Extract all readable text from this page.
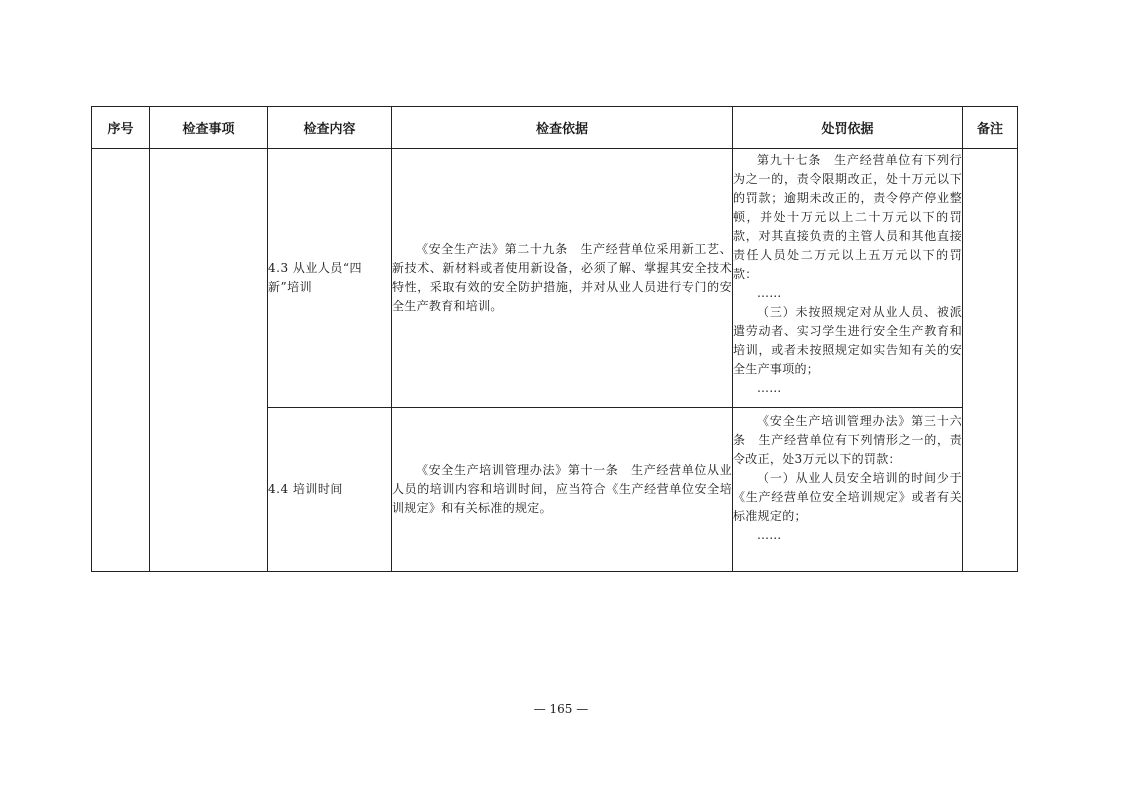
序号	检查事项	检查内容	检查依据	处罚依据	备注
		4.3 从业人员“四新”培训	《安全生产法》第二十九条　生产经营单位采用新工艺、新技术、新材料或者使用新设备，必须了解、掌握其安全技术特性，采取有效的安全防护措施，并对从业人员进行专门的安全生产教育和培训。	第九十七条　生产经营单位有下列行为之一的，责令限期改正，处十万元以下的罚款；逾期未改正的，责令停产停业整顿，并处十万元以上二十万元以下的罚款，对其直接负责的主管人员和其他直接责任人员处二万元以上五万元以下的罚款：

……

（三）未按照规定对从业人员、被派遣劳动者、实习学生进行安全生产教育和培训，或者未按照规定如实告知有关的安全生产事项的；

……	

		4.4 培训时间	《安全生产培训管理办法》第十一条　生产经营单位从业人员的培训内容和培训时间，应当符合《生产经营单位安全培训规定》和有关标准的规定。	《安全生产培训管理办法》第三十六条　生产经营单位有下列情形之一的，责令改正，处3万元以下的罚款：

（一）从业人员安全培训的时间少于《生产经营单位安全培训规定》或者有关标准规定的；

……	

— 165 —
